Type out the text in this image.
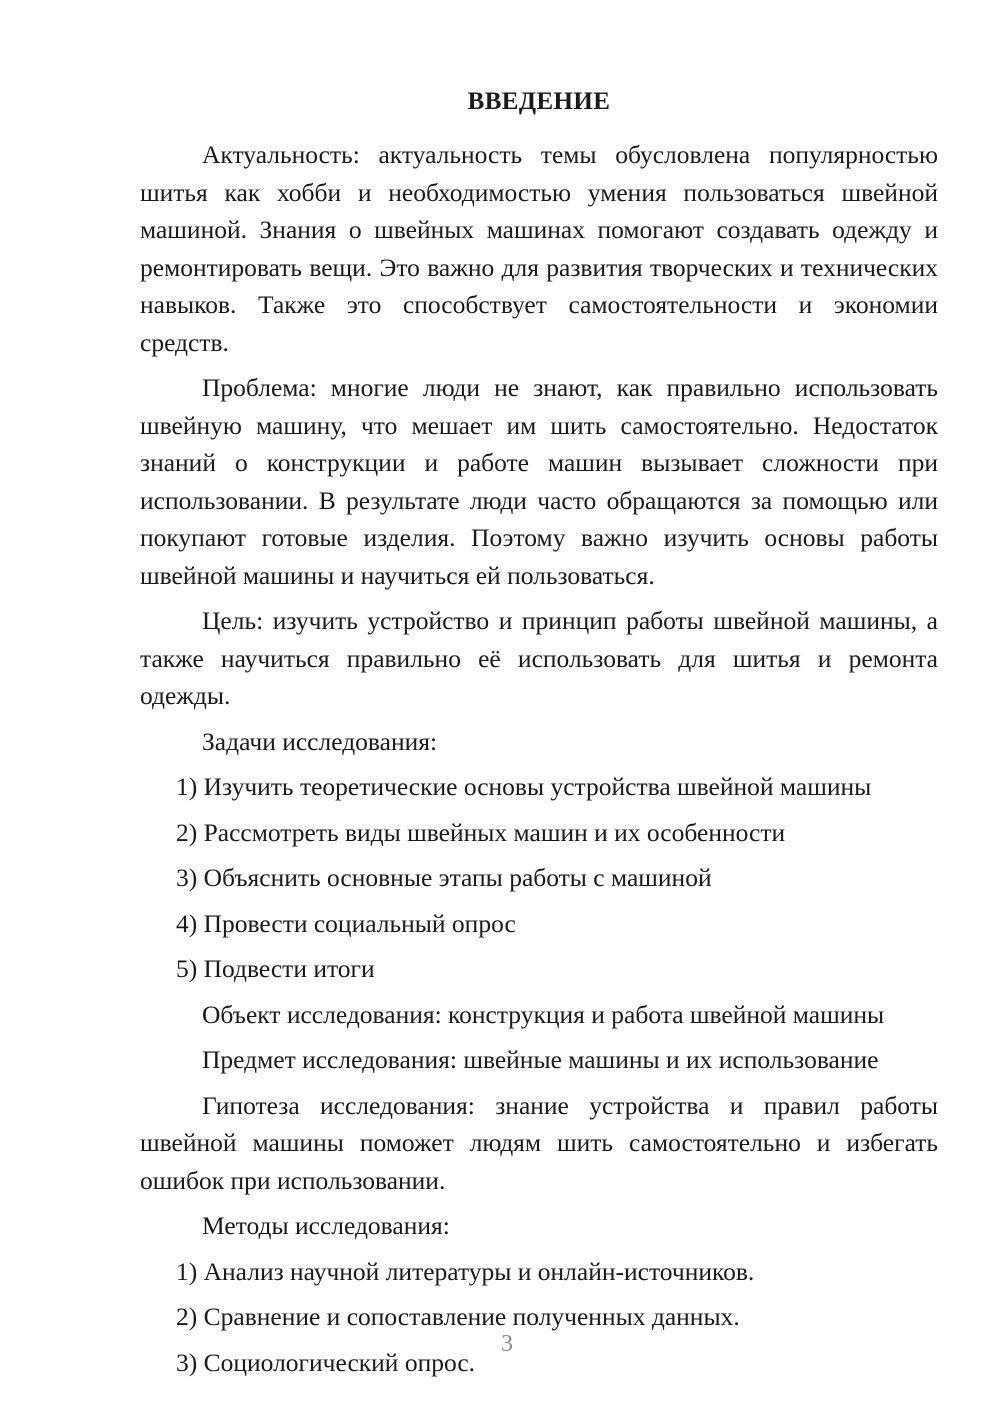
ВВЕДЕНИЕ

Актуальность: актуальность темы обусловлена популярностью шитья как хобби и необходимостью умения пользоваться швейной машиной. Знания о швейных машинах помогают создавать одежду и ремонтировать вещи. Это важно для развития творческих и технических навыков. Также это способствует самостоятельности и экономии средств.

Проблема: многие люди не знают, как правильно использовать швейную машину, что мешает им шить самостоятельно. Недостаток знаний о конструкции и работе машин вызывает сложности при использовании. В результате люди часто обращаются за помощью или покупают готовые изделия. Поэтому важно изучить основы работы швейной машины и научиться ей пользоваться.

Цель: изучить устройство и принцип работы швейной машины, а также научиться правильно её использовать для шитья и ремонта одежды.

Задачи исследования:

1) Изучить теоретические основы устройства швейной машины

2) Рассмотреть виды швейных машин и их особенности

3) Объяснить основные этапы работы с машиной

4) Провести социальный опрос

5) Подвести итоги

Объект исследования: конструкция и работа швейной машины

Предмет исследования: швейные машины и их использование

Гипотеза исследования: знание устройства и правил работы швейной машины поможет людям шить самостоятельно и избегать ошибок при использовании.

Методы исследования:

1) Анализ научной литературы и онлайн-источников.

2) Сравнение и сопоставление полученных данных.

3) Социологический опрос.

3
